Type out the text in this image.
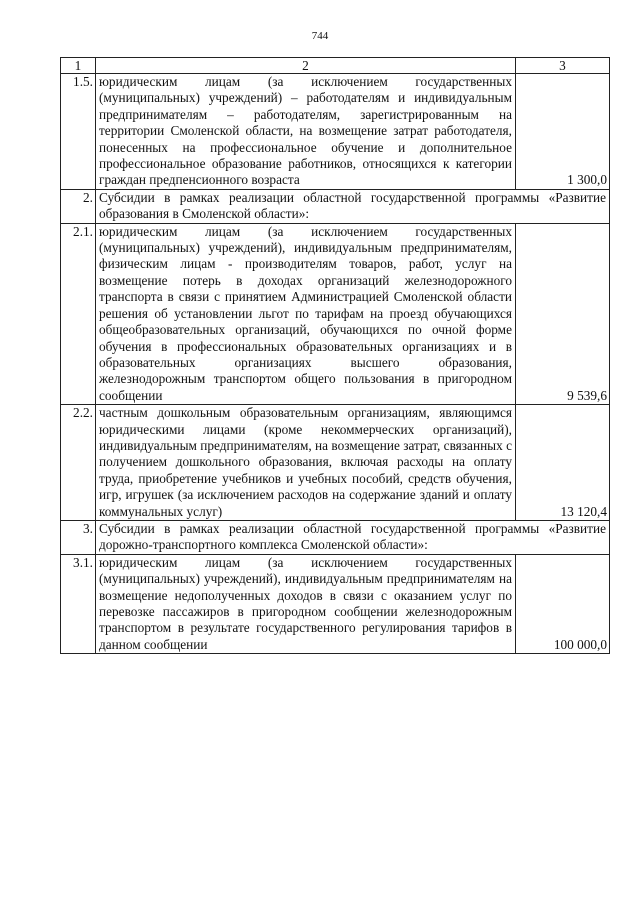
744
1	2	3
1.5.	юридическим лицам (за исключением государственных (муниципальных) учреждений) – работодателям и индивидуальным предпринимателям – работодателям, зарегистрированным на территории Смоленской области, на возмещение затрат работодателя, понесенных на профессиональное обучение и дополнительное профессиональное образование работников, относящихся к категории граждан предпенсионного возраста	1 300,0
2.	Субсидии в рамках реализации областной государственной программы «Развитие образования в Смоленской области»:	
2.1.	юридическим лицам (за исключением государственных (муниципальных) учреждений), индивидуальным предпринимателям, физическим лицам - производителям товаров, работ, услуг на возмещение потерь в доходах организаций железнодорожного транспорта в связи с принятием Администрацией Смоленской области решения об установлении льгот по тарифам на проезд обучающихся общеобразовательных организаций, обучающихся по очной форме обучения в профессиональных образовательных организациях и в образовательных организациях высшего образования, железнодорожным транспортом общего пользования в пригородном сообщении	9 539,6
2.2.	частным дошкольным образовательным организациям, являющимся юридическими лицами (кроме некоммерческих организаций), индивидуальным предпринимателям, на возмещение затрат, связанных с получением дошкольного образования, включая расходы на оплату труда, приобретение учебников и учебных пособий, средств обучения, игр, игрушек (за исключением расходов на содержание зданий и оплату коммунальных услуг)	13 120,4
3.	Субсидии в рамках реализации областной государственной программы «Развитие дорожно-транспортного комплекса Смоленской области»:	
3.1.	юридическим лицам (за исключением государственных (муниципальных) учреждений), индивидуальным предпринимателям на возмещение недополученных доходов в связи с оказанием услуг по перевозке пассажиров в пригородном сообщении железнодорожным транспортом в результате государственного регулирования тарифов в данном сообщении	100 000,0
